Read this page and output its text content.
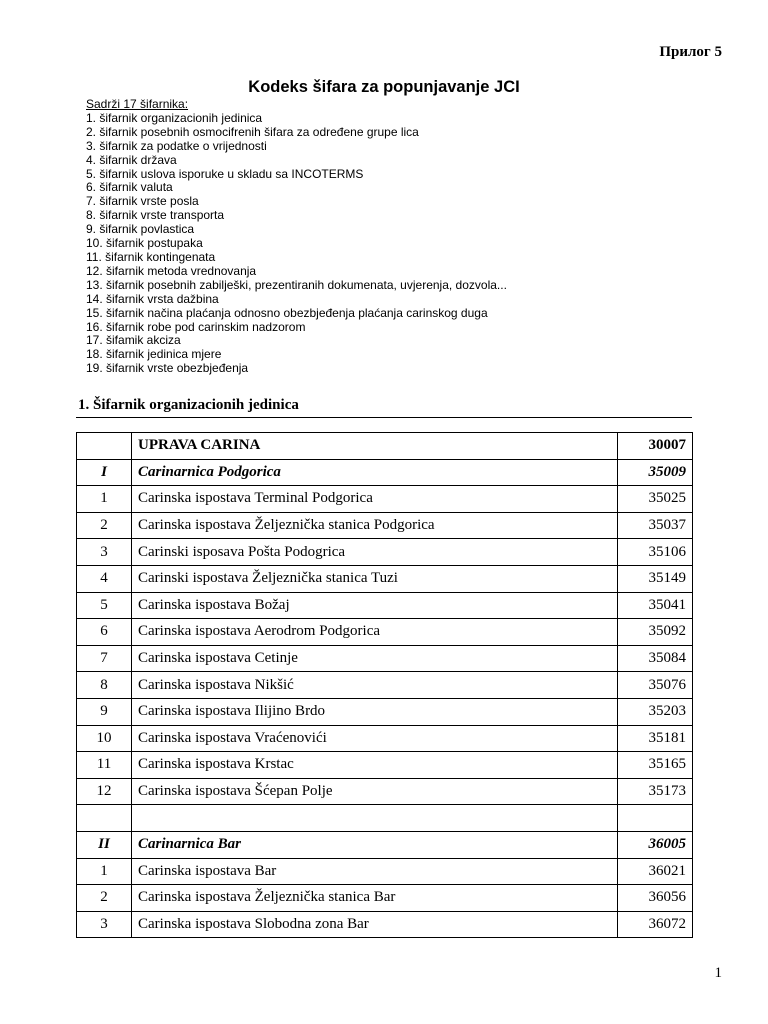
Прилог 5
Kodeks šifara za popunjavanje JCI
Sadrži 17 šifarnika:
1. šifarnik organizacionih jedinica
2. šifarnik posebnih osmocifrenih šifara za određene grupe lica
3. šifarnik za podatke o vrijednosti
4. šifarnik država
5. šifarnik uslova isporuke u skladu sa INCOTERMS
6. šifarnik valuta
7. šifarnik vrste posla
8. šifarnik vrste transporta
9. šifarnik povlastica
10. šifarnik postupaka
11. šifarnik kontingenata
12. šifarnik metoda vrednovanja
13. šifarnik posebnih zabilješki, prezentiranih dokumenata, uvjerenja, dozvola...
14. šifarnik vrsta dažbina
15. šifarnik načina plaćanja odnosno obezbjeđenja plaćanja carinskog duga
16. šifarnik robe pod carinskim nadzorom
17. šifamik akciza
18. šifarnik jedinica mjere
19. šifarnik vrste obezbjeđenja
1. Šifarnik organizacionih jedinica
	UPRAVA CARINA	30007
I	Carinarnica Podgorica	35009
1	Carinska ispostava Terminal Podgorica	35025
2	Carinska ispostava Željeznička stanica Podgorica	35037
3	Carinski isposava Pošta Podogrica	35106
4	Carinski ispostava Željeznička stanica Tuzi	35149
5	Carinska ispostava Božaj	35041
6	Carinska ispostava Aerodrom Podgorica	35092
7	Carinska ispostava Cetinje	35084
8	Carinska ispostava Nikšić	35076
9	Carinska ispostava Ilijino Brdo	35203
10	Carinska ispostava Vraćenovići	35181
11	Carinska ispostava Krstac	35165
12	Carinska ispostava Šćepan Polje	35173

II	Carinarnica Bar	36005
1	Carinska ispostava Bar	36021
2	Carinska ispostava Željeznička stanica Bar	36056
3	Carinska ispostava Slobodna zona Bar	36072
1
